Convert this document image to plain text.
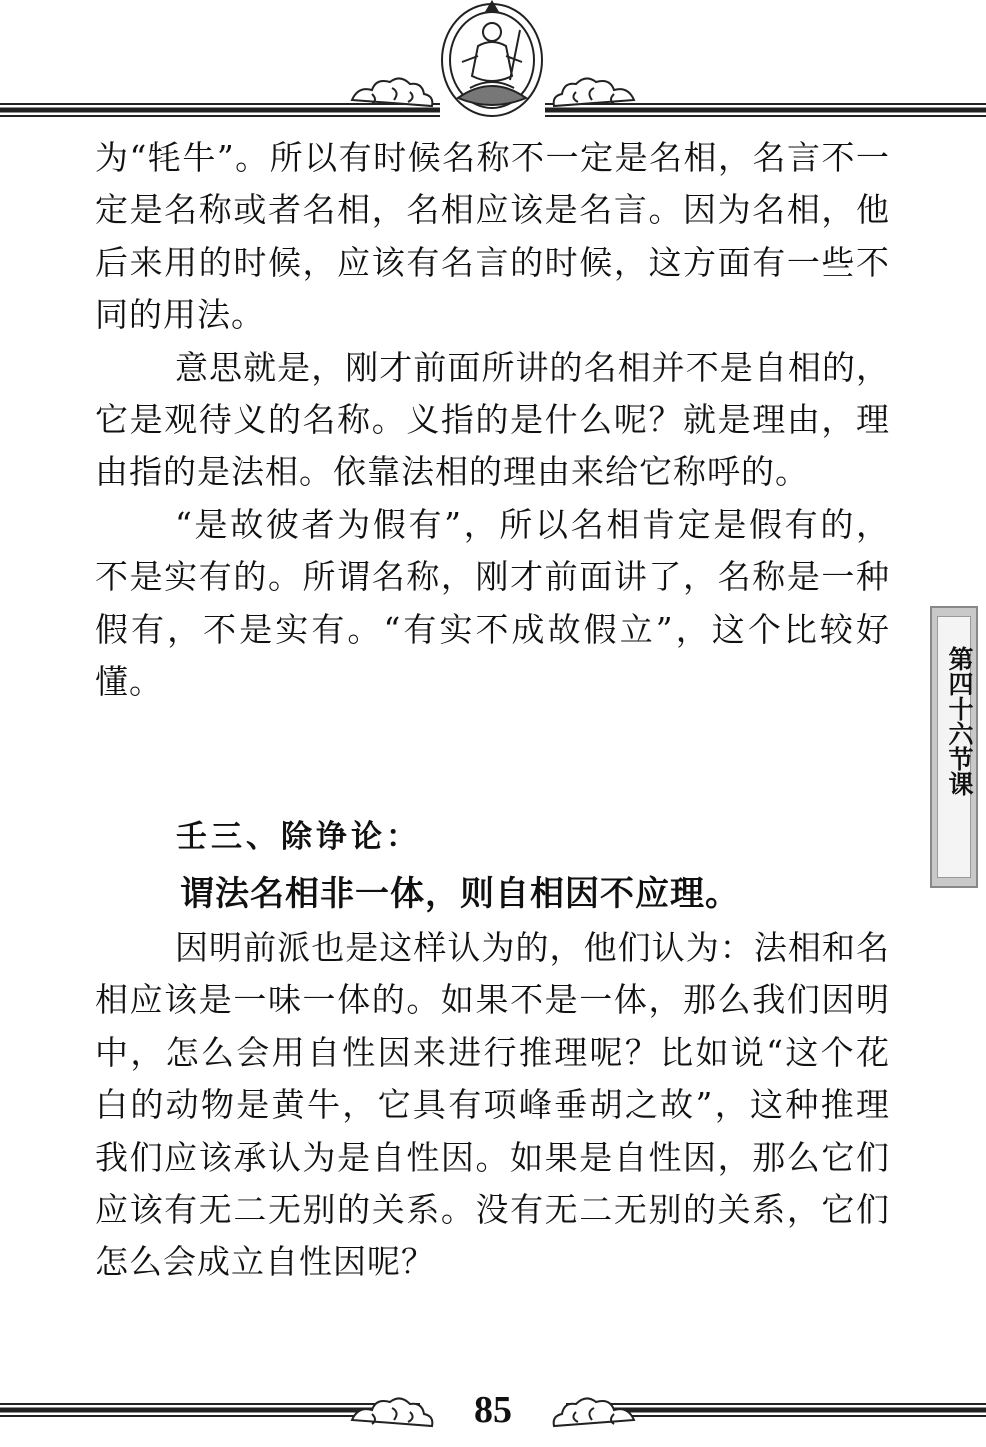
第四十六节课

为“牦牛”。所以有时候名称不一定是名相，名言不一定是名称或者名相，名相应该是名言。因为名相，他后来用的时候，应该有名言的时候，这方面有一些不同的用法。

意思就是，刚才前面所讲的名相并不是自相的，它是观待义的名称。义指的是什么呢？就是理由，理由指的是法相。依靠法相的理由来给它称呼的。

“是故彼者为假有”，所以名相肯定是假有的，不是实有的。所谓名称，刚才前面讲了，名称是一种假有，不是实有。“有实不成故假立”，这个比较好懂。

壬三、除诤论：
谓法名相非一体，则自相因不应理。

因明前派也是这样认为的，他们认为：法相和名相应该是一味一体的。如果不是一体，那么我们因明中，怎么会用自性因来进行推理呢？比如说“这个花白的动物是黄牛，它具有项峰垂胡之故”，这种推理我们应该承认为是自性因。如果是自性因，那么它们应该有无二无别的关系。没有无二无别的关系，它们怎么会成立自性因呢？

85
